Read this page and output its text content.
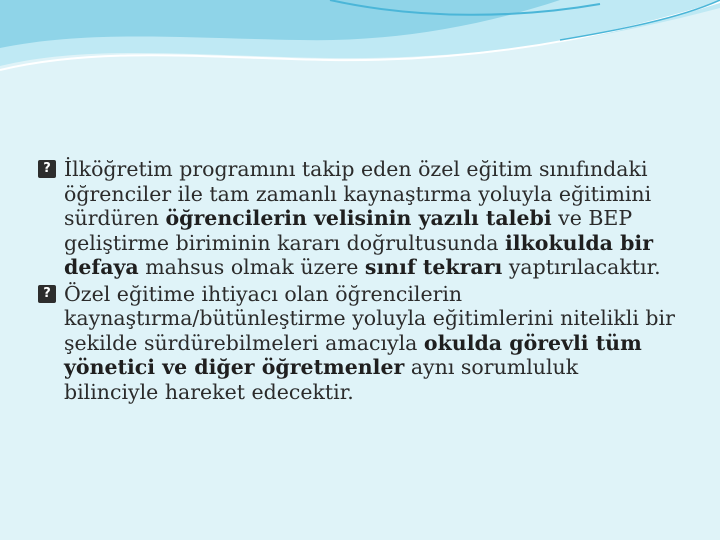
?
İlköğretim programını takip eden özel eğitim sınıfındaki öğrenciler ile tam zamanlı kaynaştırma yoluyla eğitimini sürdüren öğrencilerin velisinin yazılı talebi ve BEP geliştirme biriminin kararı doğrultusunda ilkokulda bir defaya mahsus olmak üzere sınıf tekrarı yaptırılacaktır.

?
Özel eğitime ihtiyacı olan öğrencilerin kaynaştırma/bütünleştirme yoluyla eğitimlerini nitelikli bir şekilde sürdürebilmeleri amacıyla okulda görevli tüm yönetici ve diğer öğretmenler aynı sorumluluk bilinciyle hareket edecektir.
